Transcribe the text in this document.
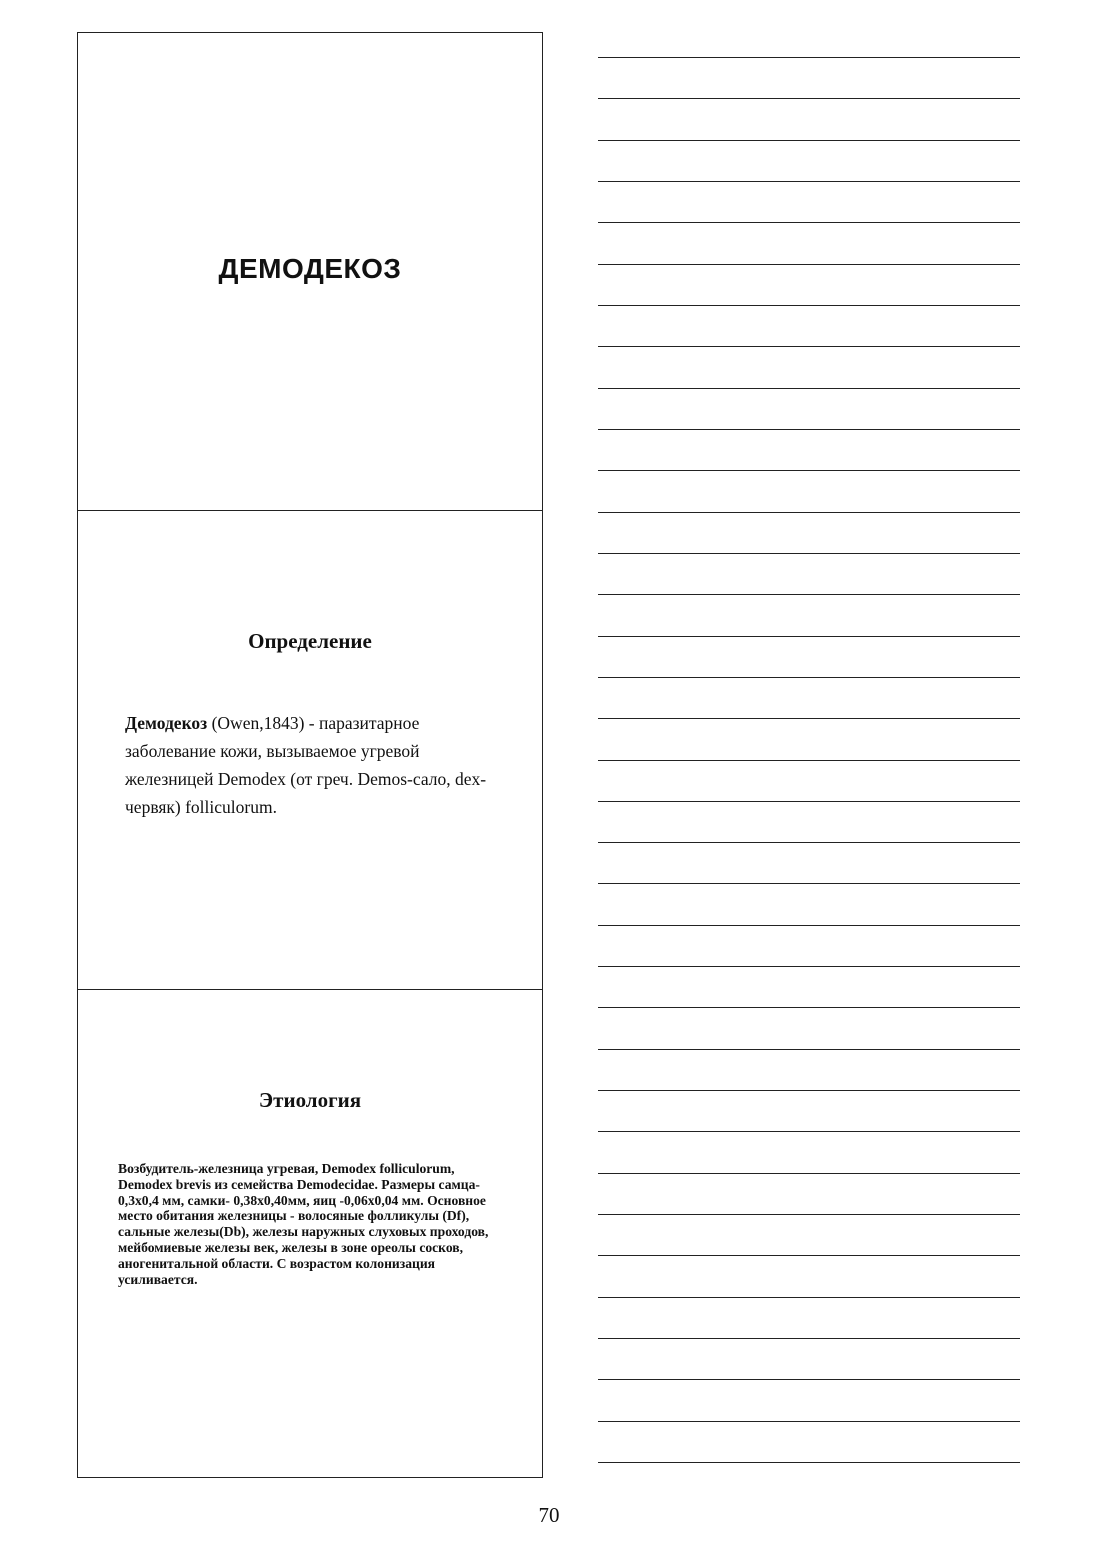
ДЕМОДЕКОЗ
Определение
Демодекоз (Owen,1843) - паразитарное заболевание кожи, вызываемое угревой железницей Demodex (от греч. Demos-сало, dex-червяк) folliculorum.
Этиология
Возбудитель-железница угревая, Demodex folliculorum, Demodex brevis из семейства Demodecidae. Размеры самца- 0,3х0,4 мм, самки- 0,38х0,40мм, яиц -0,06х0,04 мм. Основное место обитания железницы - волосяные фолликулы (Df), сальные железы(Db), железы наружных слуховых проходов, мейбомиевые железы век, железы в зоне ореолы сосков, аногенитальной области. С возрастом колонизация усиливается.
70
